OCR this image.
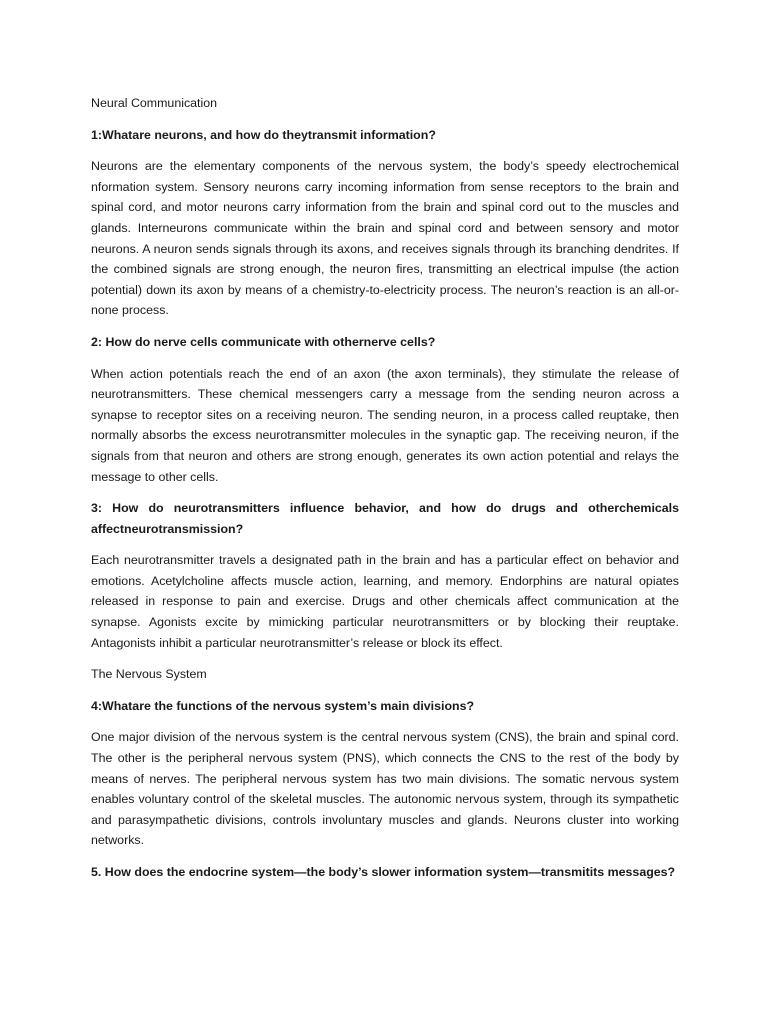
Neural Communication

1:Whatare neurons, and how do theytransmit information?

Neurons are the elementary components of the nervous system, the body’s speedy electrochemical nformation system. Sensory neurons carry incoming information from sense receptors to the brain and spinal cord, and motor neurons carry information from the brain and spinal cord out to the muscles and glands. Interneurons communicate within the brain and spinal cord and between sensory and motor neurons. A neuron sends signals through its axons, and receives signals through its branching dendrites. If the combined signals are strong enough, the neuron fires, transmitting an electrical impulse (the action potential) down its axon by means of a chemistry-to-electricity process. The neuron’s reaction is an all-or-none process.

2: How do nerve cells communicate with othernerve cells?

When action potentials reach the end of an axon (the axon terminals), they stimulate the release of neurotransmitters. These chemical messengers carry a message from the sending neuron across a synapse to receptor sites on a receiving neuron. The sending neuron, in a process called reuptake, then normally absorbs the excess neurotransmitter molecules in the synaptic gap. The receiving neuron, if the signals from that neuron and others are strong enough, generates its own action potential and relays the message to other cells.

3: How do neurotransmitters influence behavior, and how do drugs and otherchemicals affectneurotransmission?

Each neurotransmitter travels a designated path in the brain and has a particular effect on behavior and emotions. Acetylcholine affects muscle action, learning, and memory. Endorphins are natural opiates released in response to pain and exercise. Drugs and other chemicals affect communication at the synapse. Agonists excite by mimicking particular neurotransmitters or by blocking their reuptake. Antagonists inhibit a particular neurotransmitter’s release or block its effect.

The Nervous System

4:Whatare the functions of the nervous system’s main divisions?

One major division of the nervous system is the central nervous system (CNS), the brain and spinal cord. The other is the peripheral nervous system (PNS), which connects the CNS to the rest of the body by means of nerves. The peripheral nervous system has two main divisions. The somatic nervous system enables voluntary control of the skeletal muscles. The autonomic nervous system, through its sympathetic and parasympathetic divisions, controls involuntary muscles and glands. Neurons cluster into working networks.

5. How does the endocrine system—the body’s slower information system—transmitits messages?
